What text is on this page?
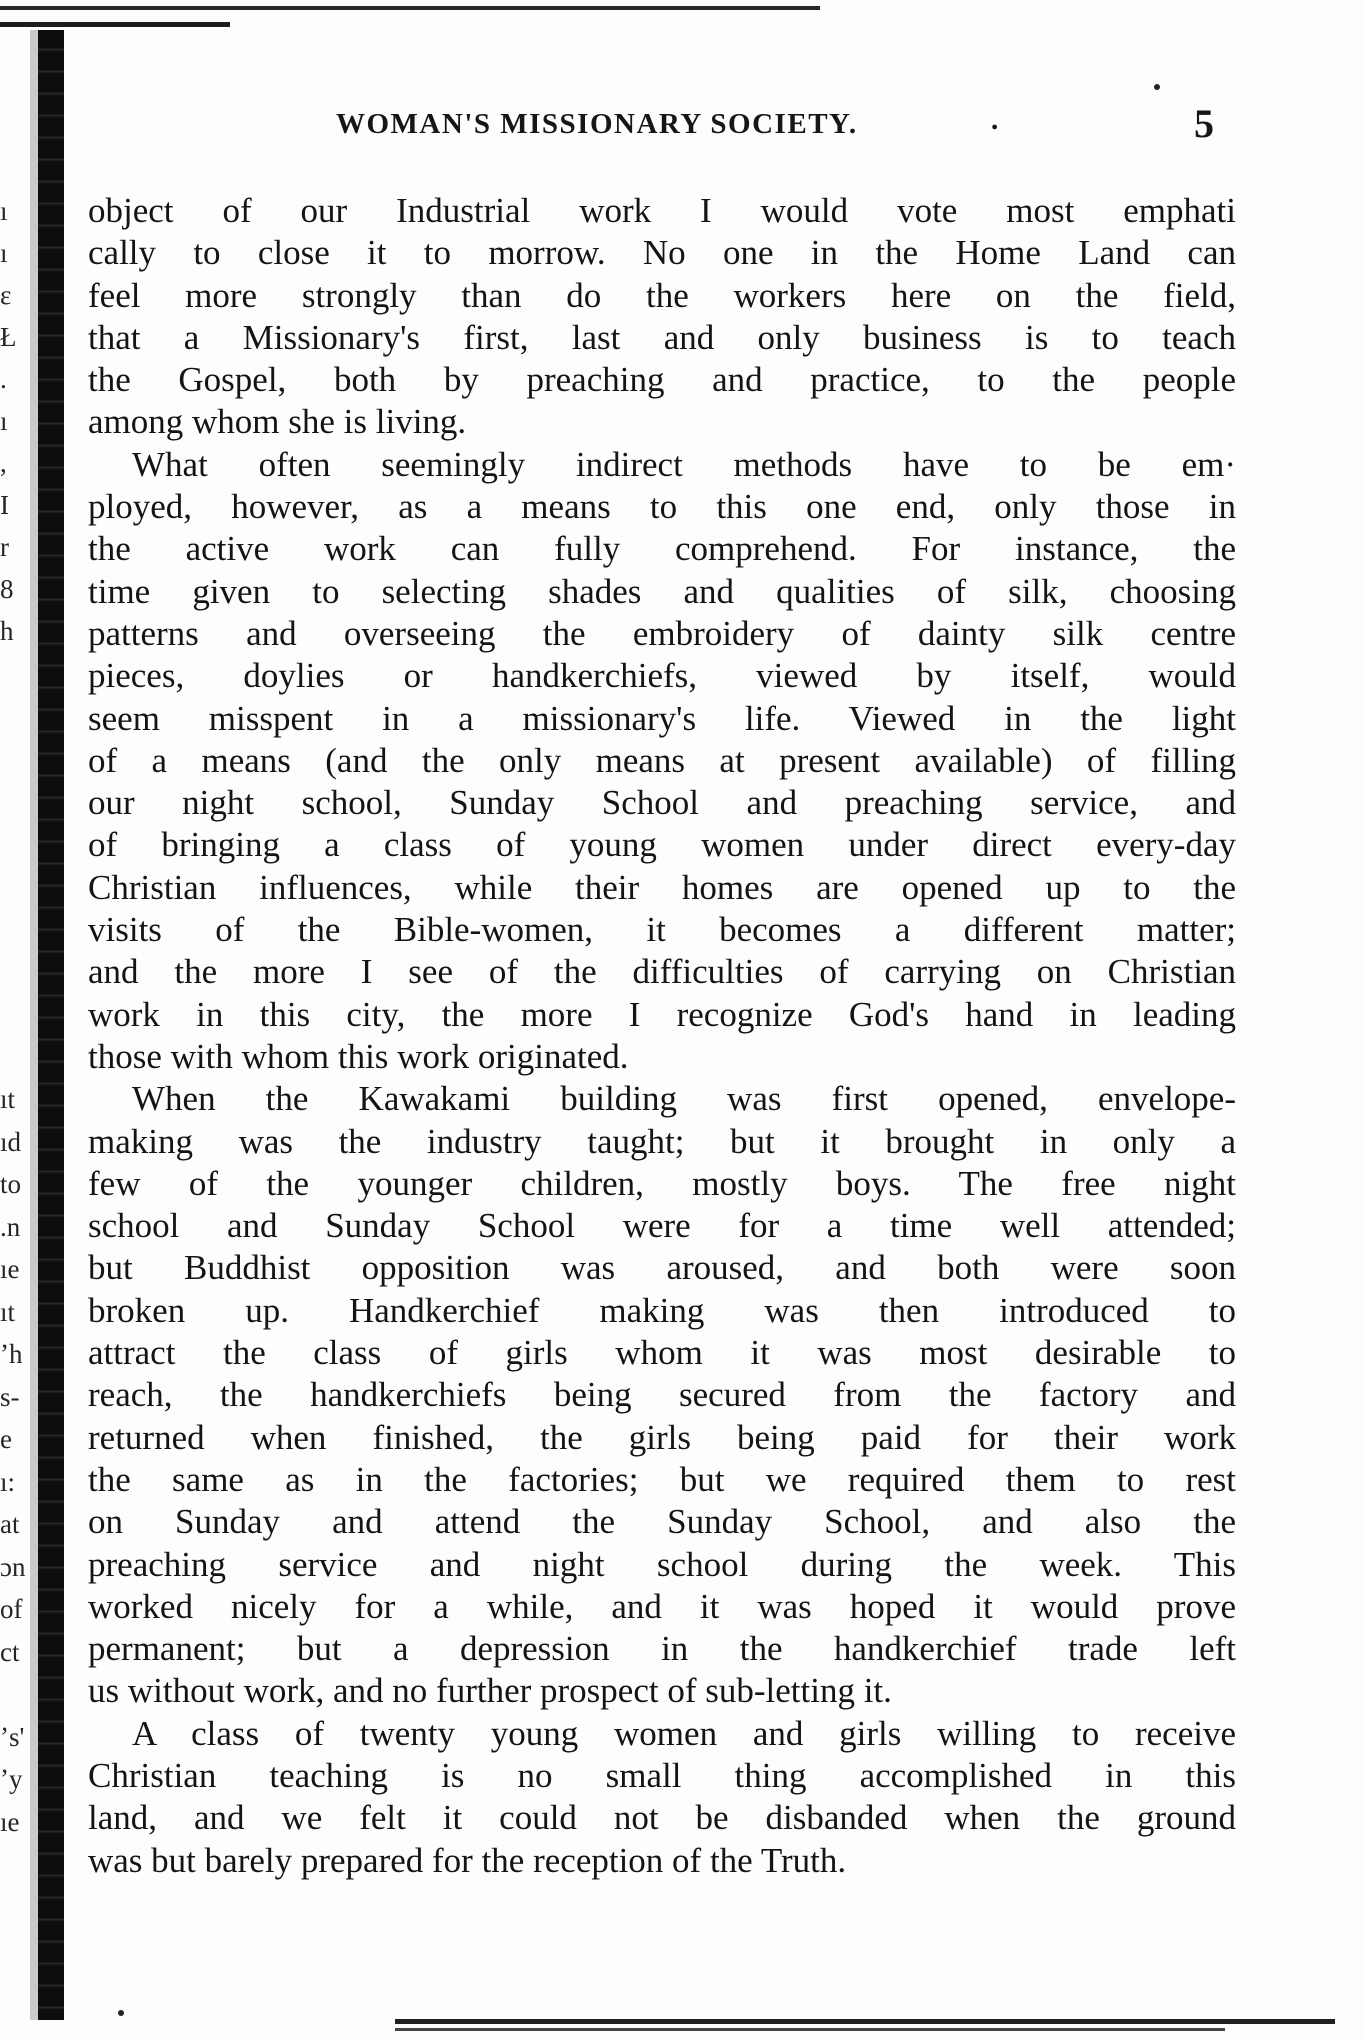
ı
ı
ε
Ł
.
ı
,
I
r
8
h
ıt
ıd
to
.n
ıe
ıt
ʼh
s-
e
ı:
at
ɔn
of
ct
ʼs'
ʼy
ıe
WOMAN'S MISSIONARY SOCIETY.	.	5
object of our Industrial work I would vote most emphati
cally to close it to morrow. No one in the Home Land can
feel more strongly than do the workers here on the field,
that a Missionary's first, last and only business is to teach
the Gospel, both by preaching and practice, to the people
among whom she is living.
What often seemingly indirect methods have to be em·
ployed, however, as a means to this one end, only those in
the active work can fully comprehend. For instance, the
time given to selecting shades and qualities of silk, choosing
patterns and overseeing the embroidery of dainty silk centre
pieces, doylies or handkerchiefs, viewed by itself, would
seem misspent in a missionary's life. Viewed in the light
of a means (and the only means at present available) of filling
our night school, Sunday School and preaching service, and
of bringing a class of young women under direct every-day
Christian influences, while their homes are opened up to the
visits of the Bible-women, it becomes a different matter;
and the more I see of the difficulties of carrying on Christian
work in this city, the more I recognize God's hand in leading
those with whom this work originated.
When the Kawakami building was first opened, envelope-
making was the industry taught; but it brought in only a
few of the younger children, mostly boys. The free night
school and Sunday School were for a time well attended;
but Buddhist opposition was aroused, and both were soon
broken up. Handkerchief making was then introduced to
attract the class of girls whom it was most desirable to
reach, the handkerchiefs being secured from the factory and
returned when finished, the girls being paid for their work
the same as in the factories; but we required them to rest
on Sunday and attend the Sunday School, and also the
preaching service and night school during the week. This
worked nicely for a while, and it was hoped it would prove
permanent; but a depression in the handkerchief trade left
us without work, and no further prospect of sub-letting it.
A class of twenty young women and girls willing to receive
Christian teaching is no small thing accomplished in this
land, and we felt it could not be disbanded when the ground
was but barely prepared for the reception of the Truth.
